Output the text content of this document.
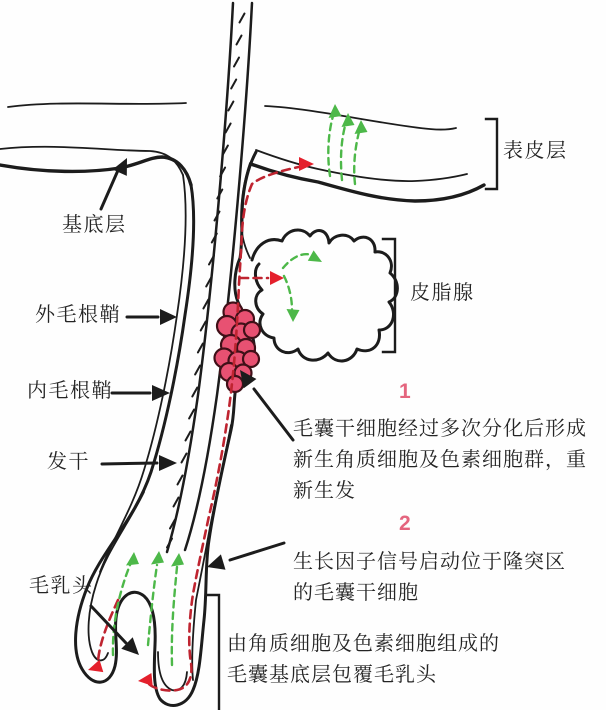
基底层
外毛根鞘
内毛根鞘
发干
毛乳头
表皮层
皮脂腺
1
毛囊干细胞经过多次分化后形成
新生角质细胞及色素细胞群，重
新生发
2
生长因子信号启动位于隆突区
的毛囊干细胞
由角质细胞及色素细胞组成的
毛囊基底层包覆毛乳头
